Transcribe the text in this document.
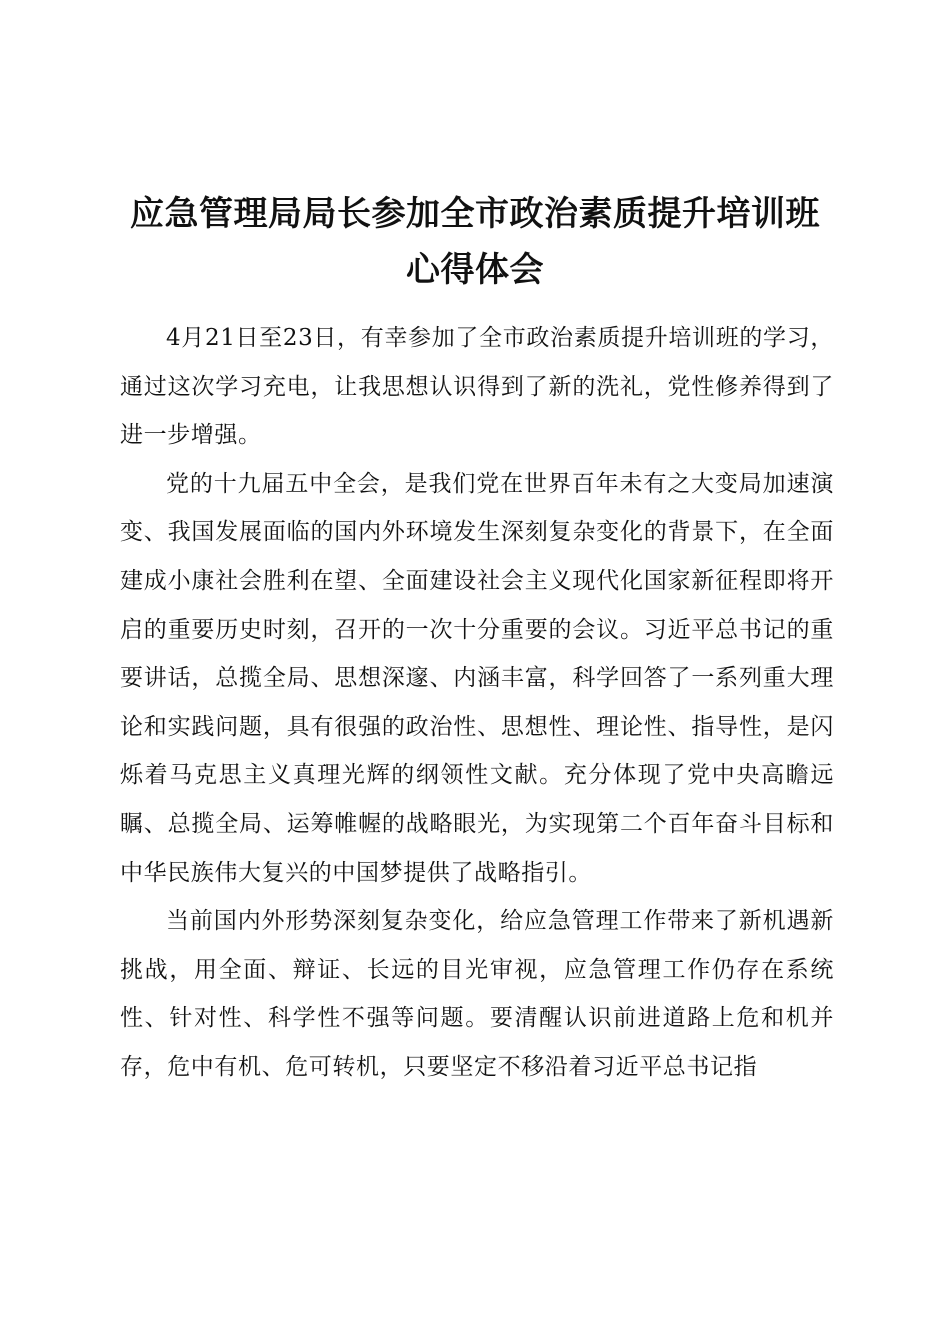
应急管理局局长参加全市政治素质提升培训班
心得体会

4月21日至23日，有幸参加了全市政治素质提升培训班的学习，通过这次学习充电，让我思想认识得到了新的洗礼，党性修养得到了进一步增强。

党的十九届五中全会，是我们党在世界百年未有之大变局加速演变、我国发展面临的国内外环境发生深刻复杂变化的背景下，在全面建成小康社会胜利在望、全面建设社会主义现代化国家新征程即将开启的重要历史时刻，召开的一次十分重要的会议。习近平总书记的重要讲话，总揽全局、思想深邃、内涵丰富，科学回答了一系列重大理论和实践问题，具有很强的政治性、思想性、理论性、指导性，是闪烁着马克思主义真理光辉的纲领性文献。充分体现了党中央高瞻远瞩、总揽全局、运筹帷幄的战略眼光，为实现第二个百年奋斗目标和中华民族伟大复兴的中国梦提供了战略指引。

当前国内外形势深刻复杂变化，给应急管理工作带来了新机遇新挑战，用全面、辩证、长远的目光审视，应急管理工作仍存在系统性、针对性、科学性不强等问题。要清醒认识前进道路上危和机并存，危中有机、危可转机，只要坚定不移沿着习近平总书记指
